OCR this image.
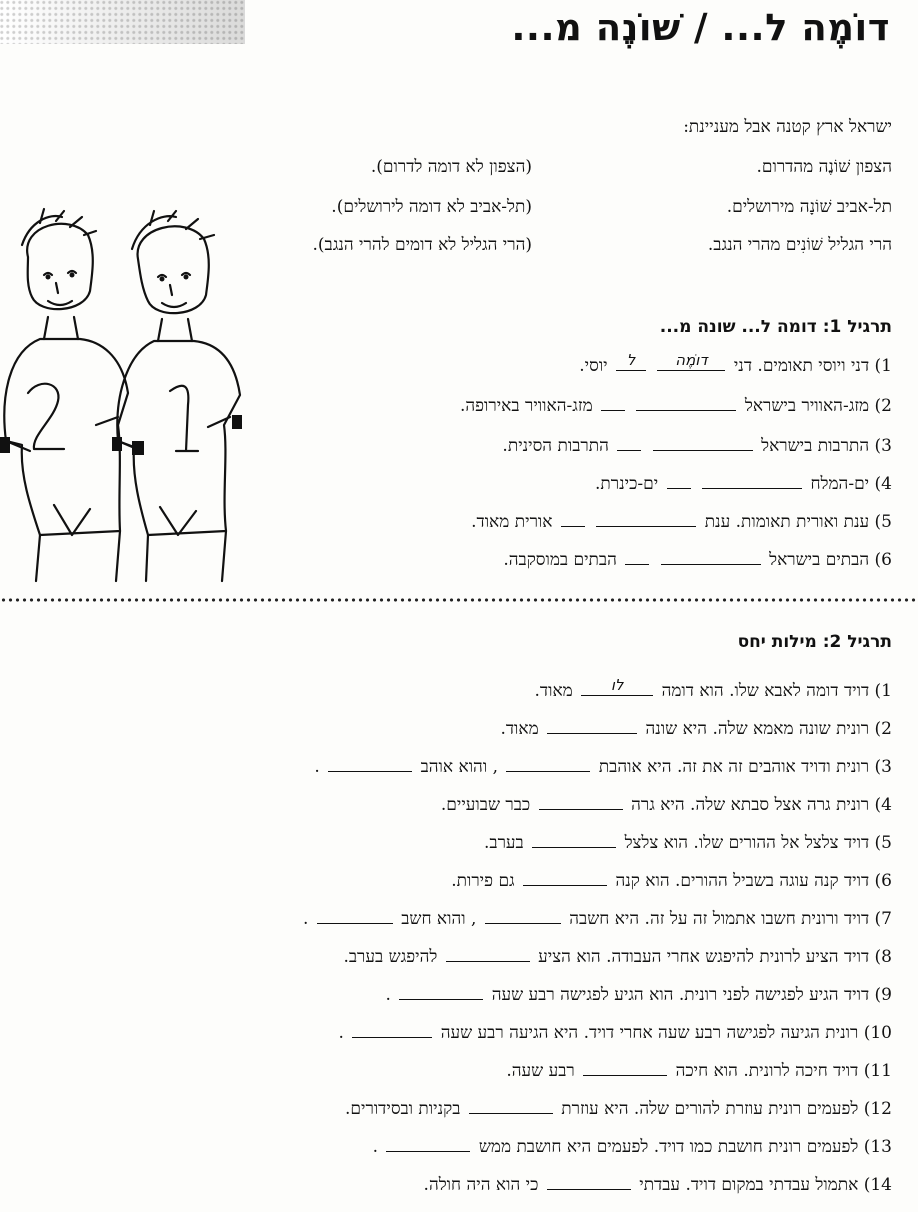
דוֹמֶה ל... / שׁוֹנֶה מ...
ישראל ארץ קטנה אבל מעניינת:
הצפון שׁוֹנֶה מהדרום.
(הצפון לא דומה לדרום).
תל-אביב שׁוֹנָה מירושלים.
(תל-אביב לא דומה לירושלים).
הרי הגליל שׁוֹנִים מהרי הנגב.
(הרי הגליל לא דומים להרי הנגב).
תרגיל 1: דומה ל... שונה מ...
1) דני ויוסי תאומים. דני
דוֹמֶה

ל
יוסי.
2) מזג-האוויר בישראל   מזג-האוויר באירופה.
3) התרבות בישראל   התרבות הסינית.
4) ים-המלח   ים-כינרת.
5) ענת ואורית תאומות. ענת   אורית מאוד.
6) הבתים בישראל   הבתים במוסקבה.
תרגיל 2: מילות יחס
1) דויד דומה לאבא שלו. הוא דומה
לו
מאוד.
2) רונית שונה מאמא שלה. היא שונה  מאוד.
3) רונית ודויד אוהבים זה את זה. היא אוהבת  , והוא אוהב  .
4) רונית גרה אצל סבתא שלה. היא גרה  כבר שבועיים.
5) דויד צלצל אל ההורים שלו. הוא צלצל  בערב.
6) דויד קנה עוגה בשביל ההורים. הוא קנה  גם פירות.
7) דויד ורונית חשבו אתמול זה על זה. היא חשבה  , והוא חשב  .
8) דויד הציע לרונית להיפגש אחרי העבודה. הוא הציע  להיפגש בערב.
9) דויד הגיע לפגישה לפני רונית. הוא הגיע לפגישה רבע שעה  .
10) רונית הגיעה לפגישה רבע שעה אחרי דויד. היא הגיעה רבע שעה  .
11) דויד חיכה לרונית. הוא חיכה  רבע שעה.
12) לפעמים רונית עוזרת להורים שלה. היא עוזרת  בקניות ובסידורים.
13) לפעמים רונית חושבת כמו דויד. לפעמים היא חושבת ממש  .
14) אתמול עבדתי במקום דויד. עבדתי  כי הוא היה חולה.
